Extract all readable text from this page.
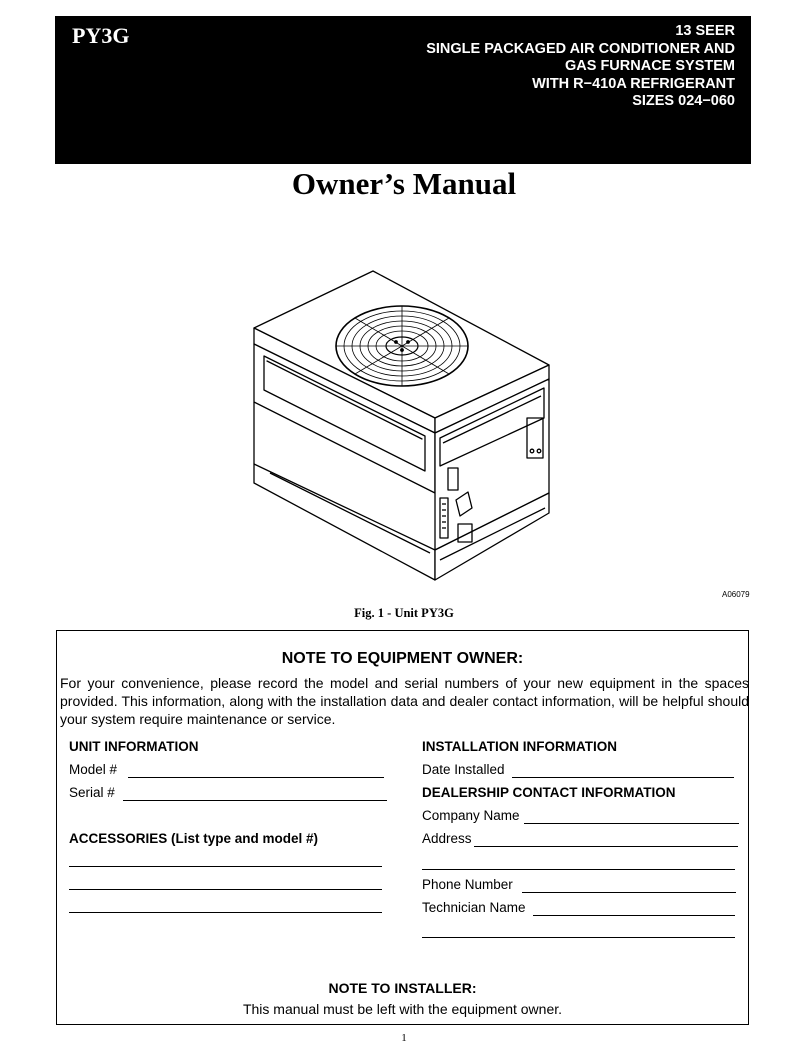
PY3G	13 SEER
SINGLE PACKAGED AIR CONDITIONER AND
GAS FURNACE SYSTEM
WITH R−410A REFRIGERANT
SIZES 024−060
Owner’s Manual
A06079
Fig. 1 - Unit PY3G
NOTE TO EQUIPMENT OWNER:
For your convenience, please record the model and serial numbers of your new equipment in the spaces provided. This information, along with the installation data and dealer contact information, will be helpful should your system require maintenance or service.
UNIT INFORMATION
Model #
Serial #
ACCESSORIES (List type and model #)
INSTALLATION INFORMATION
Date Installed
DEALERSHIP CONTACT INFORMATION
Company Name
Address
Phone Number
Technician Name
NOTE TO INSTALLER:
This manual must be left with the equipment owner.
1
